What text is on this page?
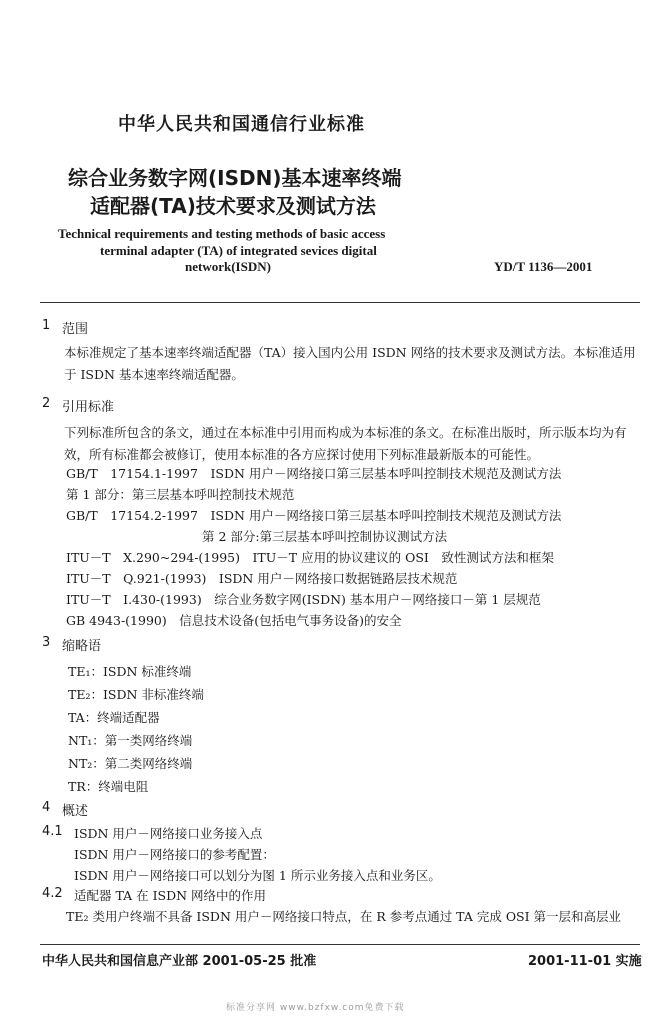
中华人民共和国通信行业标准
综合业务数字网(ISDN)基本速率终端
适配器(TA)技术要求及测试方法
Technical requirements and testing methods of basic access
terminal adapter (TA) of integrated sevices digital
network(ISDN)	YD/T 1136—2001
1 范围
本标准规定了基本速率终端适配器（TA）接入国内公用 ISDN 网络的技术要求及测试方法。本标准适用于 ISDN 基本速率终端适配器。
2 引用标准
下列标准所包含的条文，通过在本标准中引用而构成为本标准的条文。在标准出版时，所示版本均为有效，所有标准都会被修订，使用本标准的各方应探讨使用下列标准最新版本的可能性。
GB/T　17154.1-1997　ISDN 用户－网络接口第三层基本呼叫控制技术规范及测试方法
第 1 部分：第三层基本呼叫控制技术规范
GB/T　17154.2-1997　ISDN 用户－网络接口第三层基本呼叫控制技术规范及测试方法
第 2 部分:第三层基本呼叫控制协议测试方法
ITU－T　X.290~294-(1995)　ITU－T 应用的协议建议的 OSI　致性测试方法和框架
ITU－T　Q.921-(1993)　ISDN 用户－网络接口数据链路层技术规范
ITU－T　I.430-(1993)　综合业务数字网(ISDN) 基本用户－网络接口－第 1 层规范
GB 4943-(1990)　信息技术设备(包括电气事务设备)的安全
3 缩略语
TE₁：ISDN 标准终端
TE₂：ISDN 非标准终端
TA：终端适配器
NT₁：第一类网络终端
NT₂：第二类网络终端
TR：终端电阻
4 概述
4.1 ISDN 用户－网络接口业务接入点
ISDN 用户－网络接口的参考配置：
ISDN 用户－网络接口可以划分为图 1 所示业务接入点和业务区。
4.2 适配器 TA 在 ISDN 网络中的作用
TE₂ 类用户终端不具备 ISDN 用户－网络接口特点，在 R 参考点通过 TA 完成 OSI 第一层和高层业
中华人民共和国信息产业部 2001-05-25 批准	2001-11-01 实施
标准分享网 www.bzfxw.com免费下载
